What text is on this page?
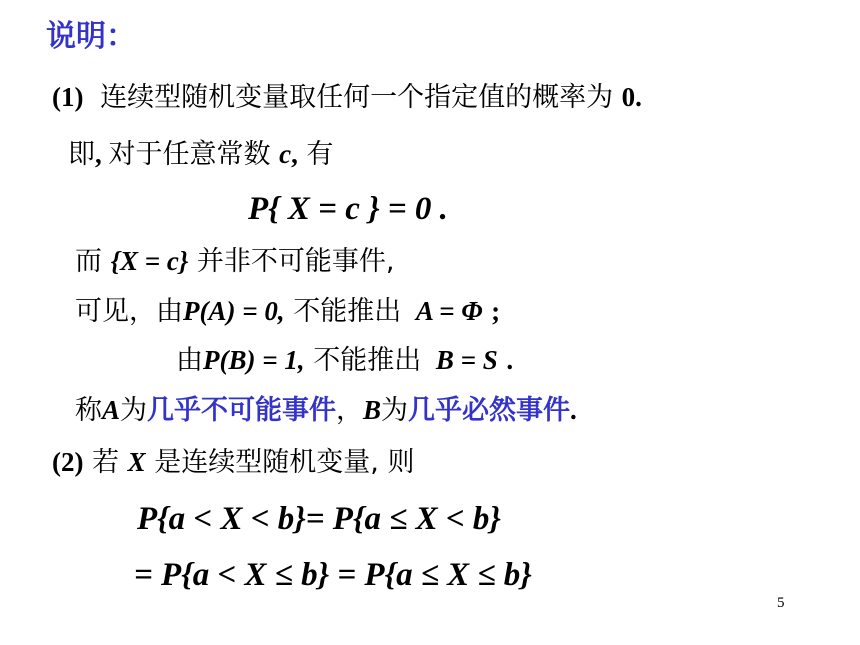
说明：
(1) 连续型随机变量取任何一个指定值的概率为 0.
即, 对于任意常数 c, 有
P{ X = c } = 0 .
而 {X = c} 并非不可能事件,
可见，由P(A) = 0, 不能推出 A = Φ ;
由P(B) = 1, 不能推出 B = S .
称A为几乎不可能事件，B为几乎必然事件.
(2) 若 X 是连续型随机变量, 则
P{a < X < b}= P{a ≤ X < b}
= P{a < X ≤ b} = P{a ≤ X ≤ b}
5
